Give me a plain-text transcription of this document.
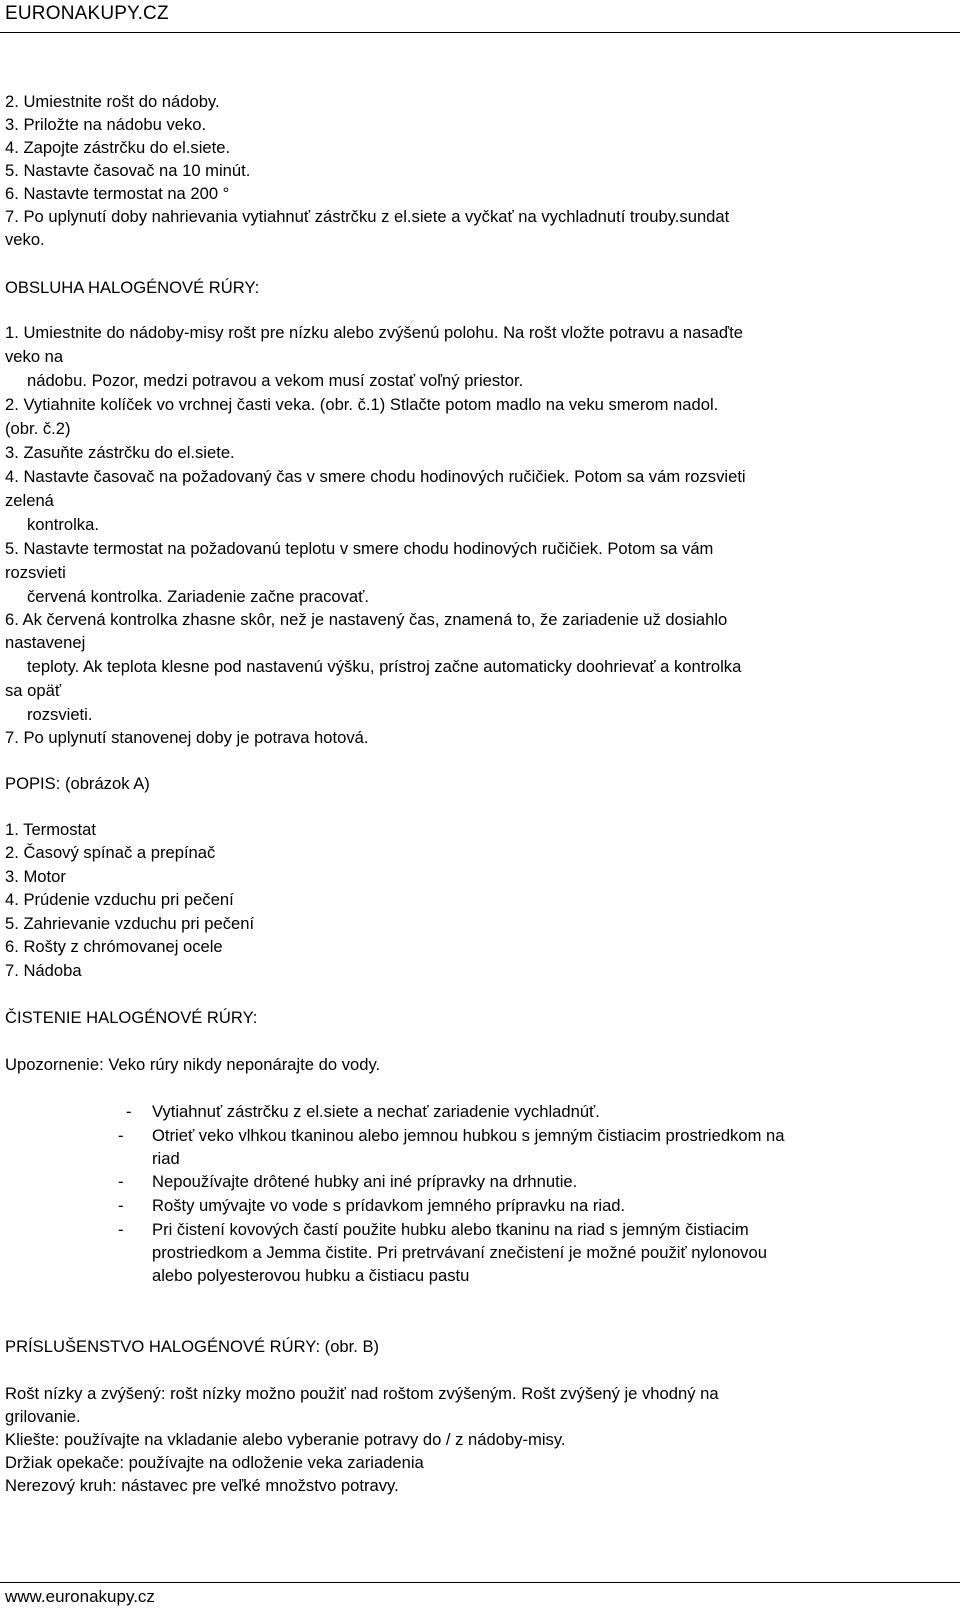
EURONAKUPY.CZ
2. Umiestnite rošt do nádoby.
3. Priložte na nádobu veko.
4. Zapojte zástrčku do el.siete.
5. Nastavte časovač na 10 minút.
6. Nastavte termostat na 200 °
7. Po uplynutí doby nahrievania vytiahnuť zástrčku z el.siete a vyčkať na vychladnutí trouby.sundat
veko.
OBSLUHA HALOGÉNOVÉ RÚRY:
1. Umiestnite do nádoby-misy rošt pre nízku alebo zvýšenú polohu. Na rošt vložte potravu a nasaďte
veko na
nádobu. Pozor, medzi potravou a vekom musí zostať voľný priestor.
2. Vytiahnite kolíček vo vrchnej časti veka. (obr. č.1) Stlačte potom madlo na veku smerom nadol.
(obr. č.2)
3. Zasuňte zástrčku do el.siete.
4. Nastavte časovač na požadovaný čas v smere chodu hodinových ručičiek. Potom sa vám rozsvieti
zelená
kontrolka.
5. Nastavte termostat na požadovanú teplotu v smere chodu hodinových ručičiek. Potom sa vám
rozsvieti
červená kontrolka. Zariadenie začne pracovať.
6. Ak červená kontrolka zhasne skôr, než je nastavený čas, znamená to, že zariadenie už dosiahlo
nastavenej
teploty. Ak teplota klesne pod nastavenú výšku, prístroj začne automaticky doohrievať a kontrolka
sa opäť
rozsvieti.
7. Po uplynutí stanovenej doby je potrava hotová.
POPIS: (obrázok A)
1. Termostat
2. Časový spínač a prepínač
3. Motor
4. Prúdenie vzduchu pri pečení
5. Zahrievanie vzduchu pri pečení
6. Rošty z chrómovanej ocele
7. Nádoba
ČISTENIE HALOGÉNOVÉ RÚRY:
Upozornenie: Veko rúry nikdy neponárajte do vody.
- Vytiahnuť zástrčku z el.siete a nechať zariadenie vychladnúť.
- Otrieť veko vlhkou tkaninou alebo jemnou hubkou s jemným čistiacim prostriedkom na
riad
- Nepoužívajte drôtené hubky ani iné prípravky na drhnutie.
- Rošty umývajte vo vode s prídavkom jemného prípravku na riad.
- Pri čistení kovových častí použite hubku alebo tkaninu na riad s jemným čistiacim
prostriedkom a Jemma čistite. Pri pretrvávaní znečistení je možné použiť nylonovou
alebo polyesterovou hubku a čistiacu pastu
PRÍSLUŠENSTVO HALOGÉNOVÉ RÚRY: (obr. B)
Rošt nízky a zvýšený: rošt nízky možno použiť nad roštom zvýšeným. Rošt zvýšený je vhodný na
grilovanie.
Kliešte: používajte na vkladanie alebo vyberanie potravy do / z nádoby-misy.
Držiak opekače: používajte na odloženie veka zariadenia
Nerezový kruh: nástavec pre veľké množstvo potravy.
www.euronakupy.cz
